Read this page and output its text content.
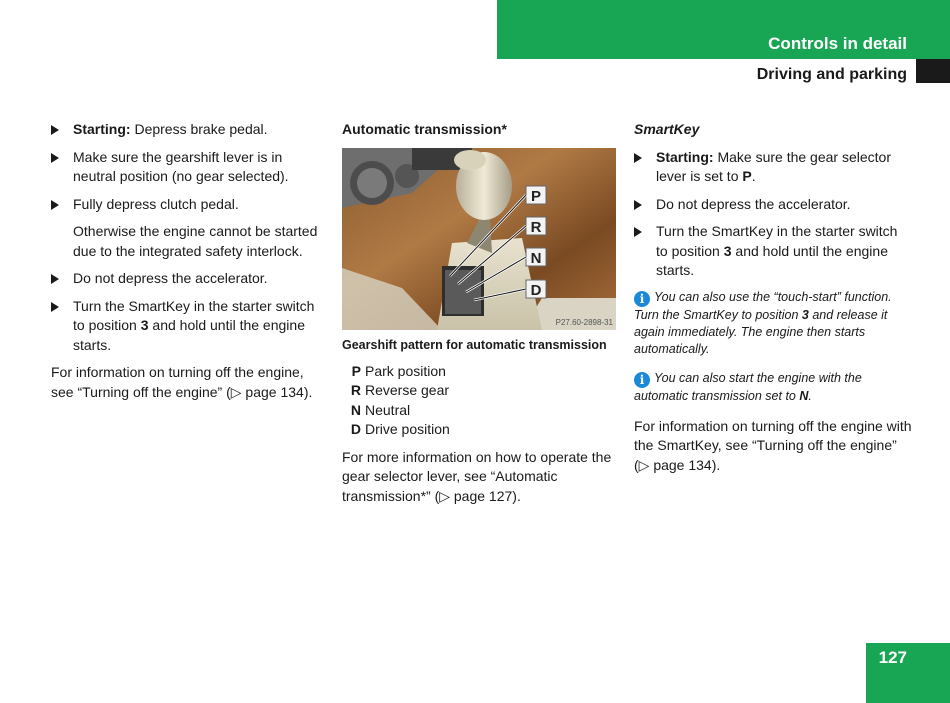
Controls in detail
Driving and parking
Starting: Depress brake pedal.
Make sure the gearshift lever is in neutral position (no gear selected).
Fully depress clutch pedal.
Otherwise the engine cannot be started due to the integrated safety interlock.
Do not depress the accelerator.
Turn the SmartKey in the starter switch to position 3 and hold until the engine starts.
For information on turning off the engine, see “Turning off the engine” (▷ page 134).
Automatic transmission*
P
R
N
D
P27.60-2898-31
Gearshift pattern for automatic transmission
P Park position
R Reverse gear
N Neutral
D Drive position
For more information on how to operate the gear selector lever, see “Automatic transmission*” (▷ page 127).
SmartKey
Starting: Make sure the gear selector lever is set to P.
Do not depress the accelerator.
Turn the SmartKey in the starter switch to position 3 and hold until the engine starts.
i You can also use the “touch-start” function. Turn the SmartKey to position 3 and release it again immediately. The engine then starts automatically.
i You can also start the engine with the automatic transmission set to N.
For information on turning off the engine with the SmartKey, see “Turning off the engine” (▷ page 134).
127
